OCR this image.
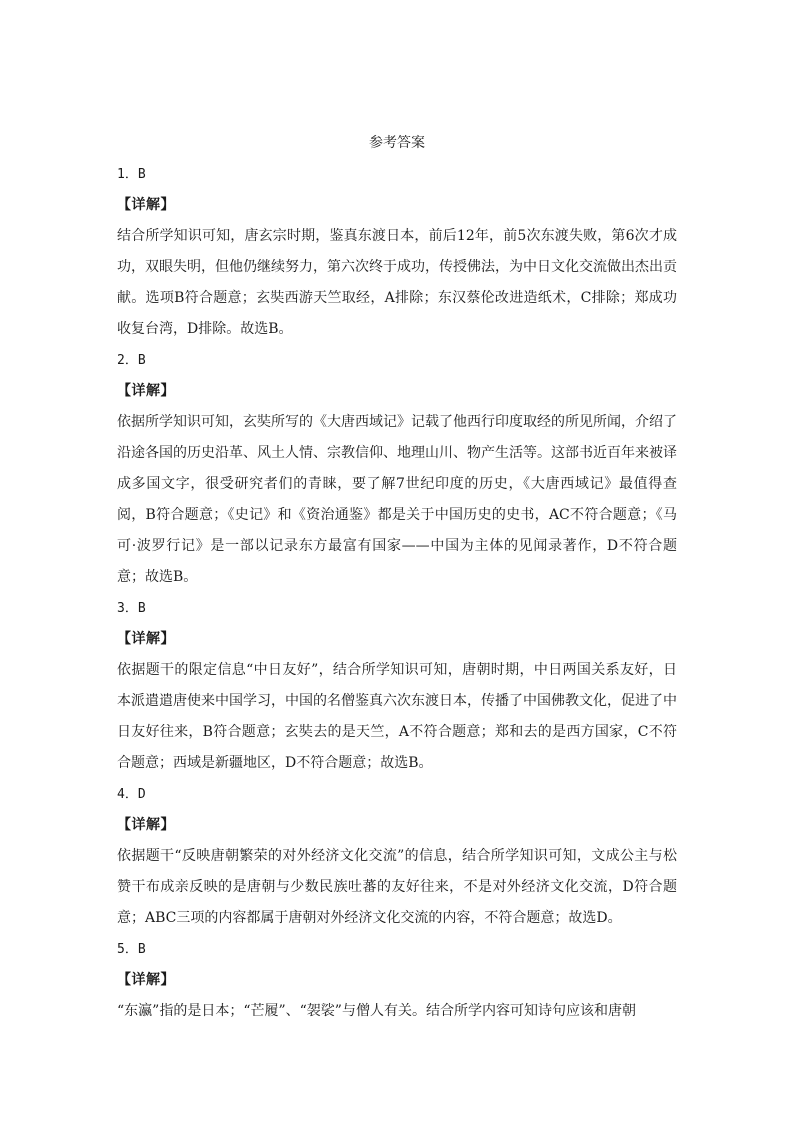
参考答案

1．B

【详解】

结合所学知识可知，唐玄宗时期，鉴真东渡日本，前后12年，前5次东渡失败，第6次才成功，双眼失明，但他仍继续努力，第六次终于成功，传授佛法，为中日文化交流做出杰出贡献。选项B符合题意；玄奘西游天竺取经，A排除；东汉蔡伦改进造纸术，C排除；郑成功收复台湾，D排除。故选B。

2．B

【详解】

依据所学知识可知，玄奘所写的《大唐西域记》记载了他西行印度取经的所见所闻，介绍了沿途各国的历史沿革、风土人情、宗教信仰、地理山川、物产生活等。这部书近百年来被译成多国文字，很受研究者们的青睐，要了解7世纪印度的历史，《大唐西域记》最值得查阅，B符合题意；《史记》和《资治通鉴》都是关于中国历史的史书，AC不符合题意；《马可·波罗行记》是一部以记录东方最富有国家——中国为主体的见闻录著作，D不符合题意；故选B。

3．B

【详解】

依据题干的限定信息“中日友好”，结合所学知识可知，唐朝时期，中日两国关系友好，日本派遣遣唐使来中国学习，中国的名僧鉴真六次东渡日本，传播了中国佛教文化，促进了中日友好往来，B符合题意；玄奘去的是天竺，A不符合题意；郑和去的是西方国家，C不符合题意；西域是新疆地区，D不符合题意；故选B。

4．D

【详解】

依据题干“反映唐朝繁荣的对外经济文化交流”的信息，结合所学知识可知，文成公主与松赞干布成亲反映的是唐朝与少数民族吐蕃的友好往来，不是对外经济文化交流，D符合题意；ABC三项的内容都属于唐朝对外经济文化交流的内容，不符合题意；故选D。

5．B

【详解】

“东瀛”指的是日本；“芒履”、“袈裟”与僧人有关。结合所学内容可知诗句应该和唐朝
